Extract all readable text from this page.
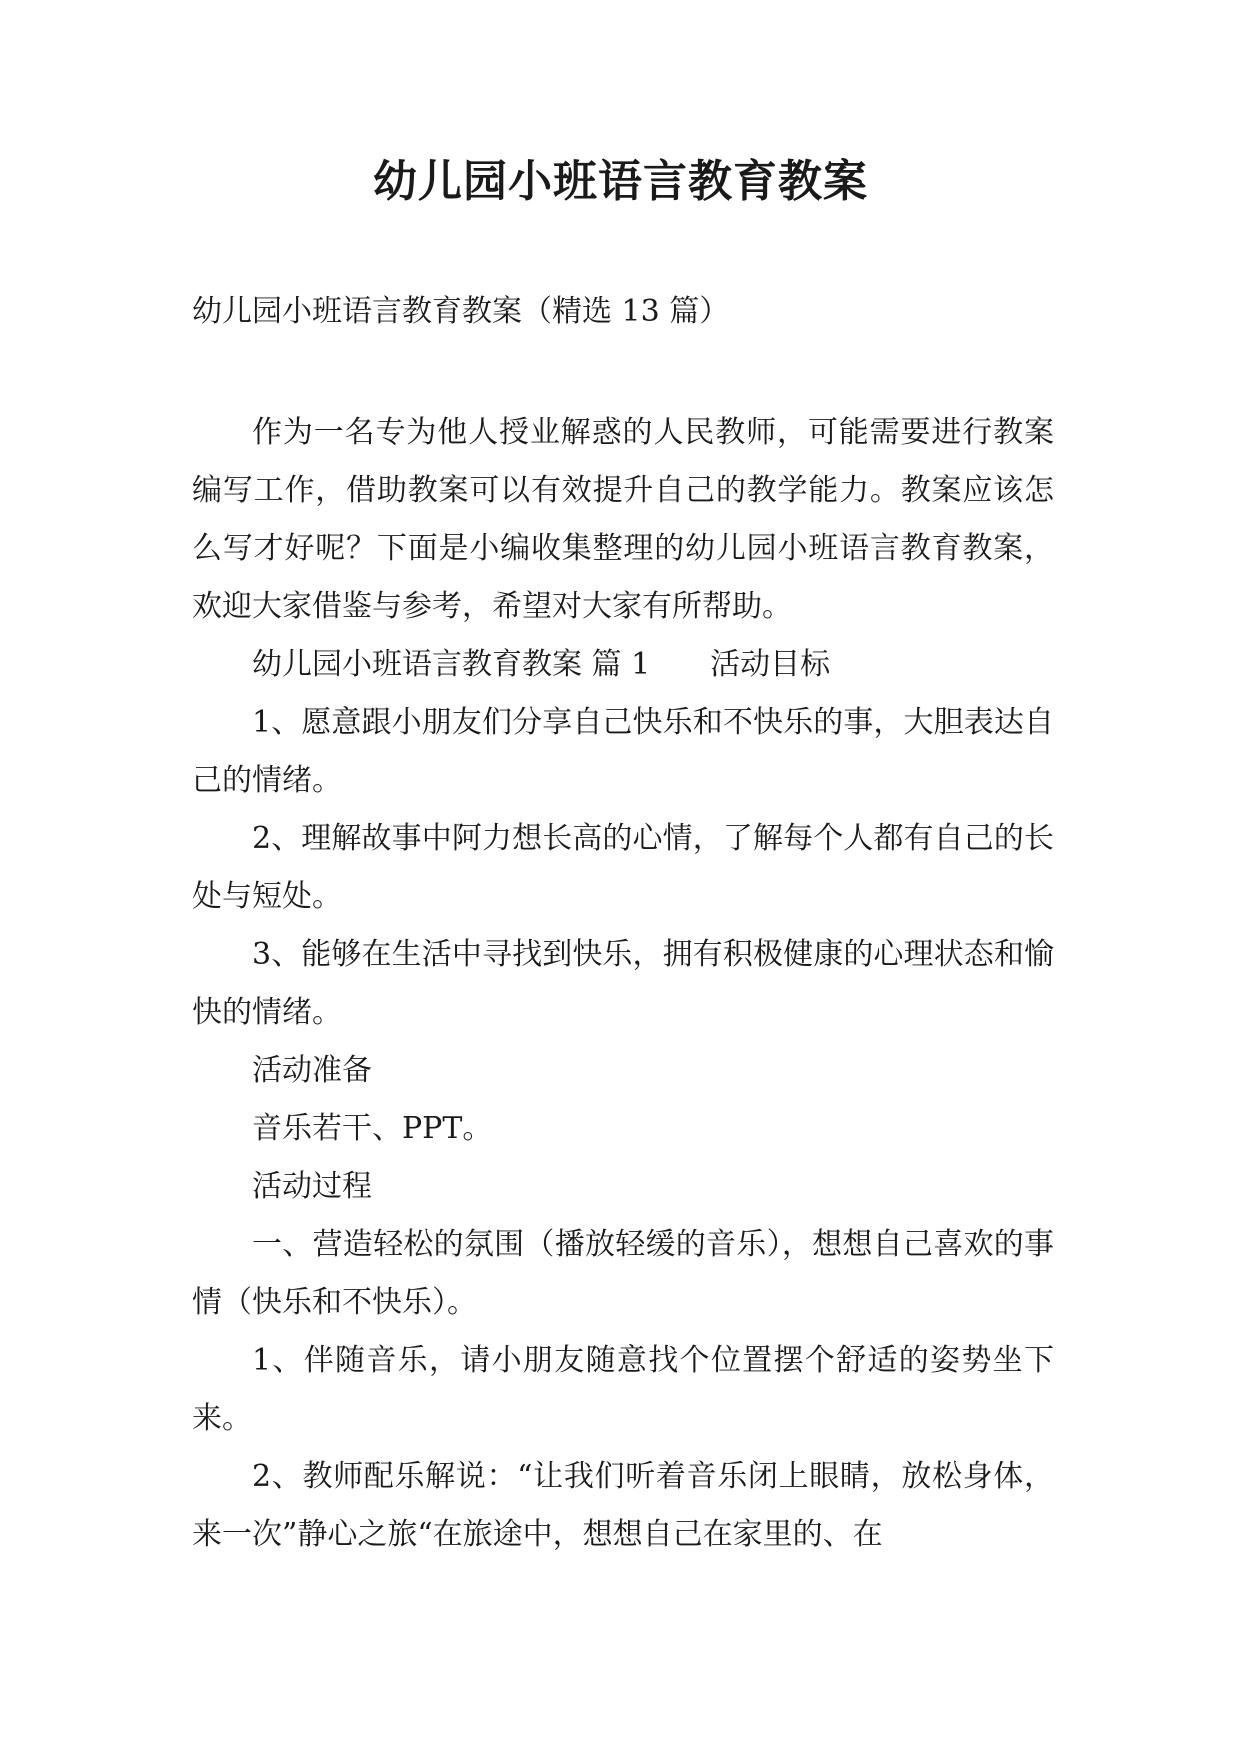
幼儿园小班语言教育教案
幼儿园小班语言教育教案（精选 13 篇）

作为一名专为他人授业解惑的人民教师，可能需要进行教案编写工作，借助教案可以有效提升自己的教学能力。教案应该怎么写才好呢？下面是小编收集整理的幼儿园小班语言教育教案，欢迎大家借鉴与参考，希望对大家有所帮助。

幼儿园小班语言教育教案 篇 1 活动目标

1、愿意跟小朋友们分享自己快乐和不快乐的事，大胆表达自己的情绪。

2、理解故事中阿力想长高的心情，了解每个人都有自己的长处与短处。

3、能够在生活中寻找到快乐，拥有积极健康的心理状态和愉快的情绪。

活动准备

音乐若干、PPT。

活动过程

一、营造轻松的氛围（播放轻缓的音乐），想想自己喜欢的事情（快乐和不快乐）。

1、伴随音乐，请小朋友随意找个位置摆个舒适的姿势坐下来。

2、教师配乐解说：“让我们听着音乐闭上眼睛，放松身体，来一次”静心之旅“在旅途中，想想自己在家里的、在
